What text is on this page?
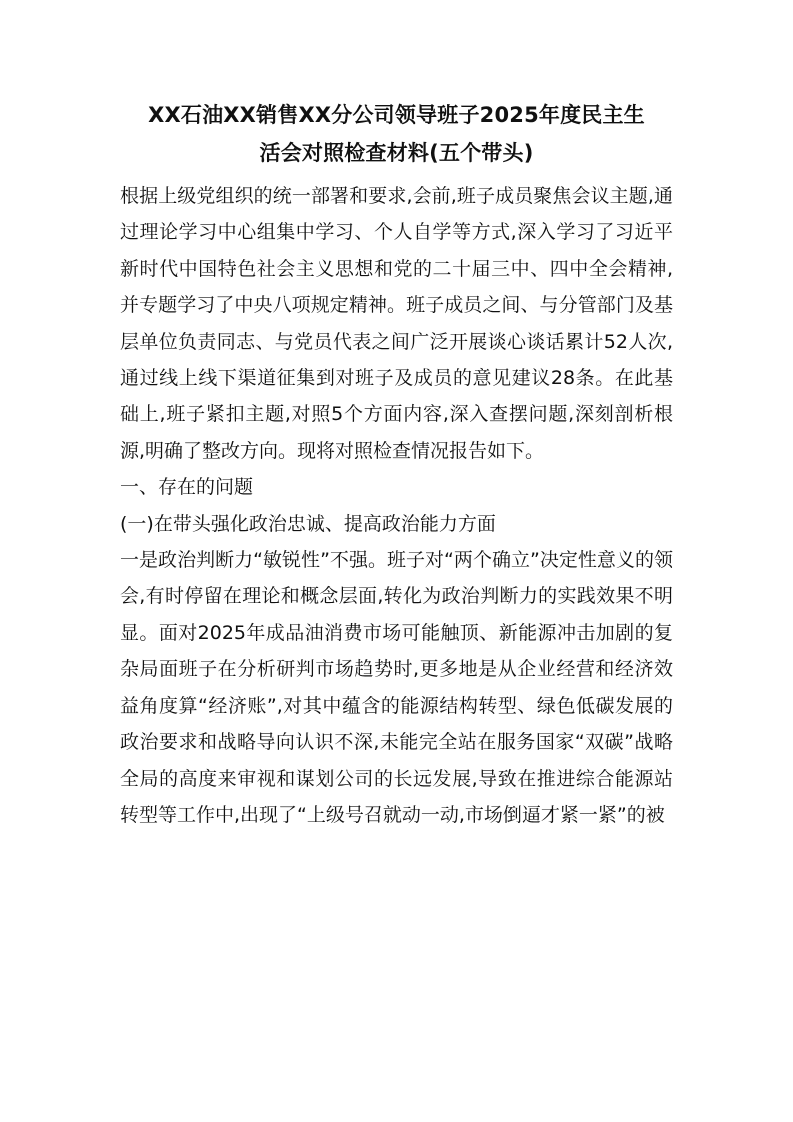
XX石油XX销售XX分公司领导班子2025年度民主生
活会对照检查材料(五个带头)

根据上级党组织的统一部署和要求,会前,班子成员聚焦会议主题,通过理论学习中心组集中学习、个人自学等方式,深入学习了习近平新时代中国特色社会主义思想和党的二十届三中、四中全会精神,并专题学习了中央八项规定精神。班子成员之间、与分管部门及基层单位负责同志、与党员代表之间广泛开展谈心谈话累计52人次,通过线上线下渠道征集到对班子及成员的意见建议28条。在此基础上,班子紧扣主题,对照5个方面内容,深入查摆问题,深刻剖析根源,明确了整改方向。现将对照检查情况报告如下。

一、存在的问题

(一)在带头强化政治忠诚、提高政治能力方面

一是政治判断力“敏锐性”不强。班子对“两个确立”决定性意义的领会,有时停留在理论和概念层面,转化为政治判断力的实践效果不明显。面对2025年成品油消费市场可能触顶、新能源冲击加剧的复杂局面班子在分析研判市场趋势时,更多地是从企业经营和经济效益角度算“经济账”,对其中蕴含的能源结构转型、绿色低碳发展的政治要求和战略导向认识不深,未能完全站在服务国家“双碳”战略全局的高度来审视和谋划公司的长远发展,导致在推进综合能源站转型等工作中,出现了“上级号召就动一动,市场倒逼才紧一紧”的被
